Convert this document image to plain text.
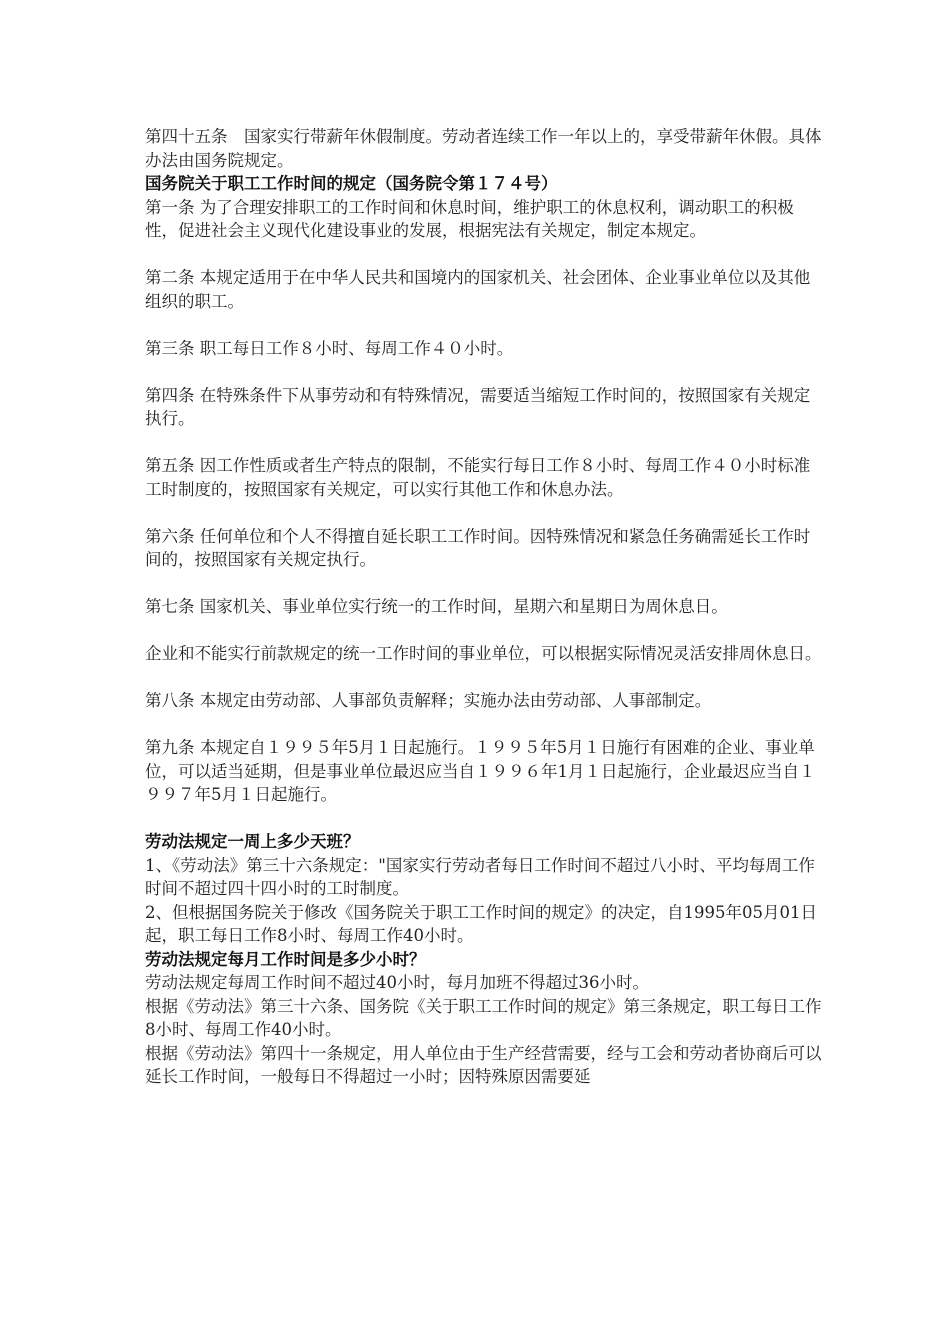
第四十五条　国家实行带薪年休假制度。劳动者连续工作一年以上的，享受带薪年休假。具体办法由国务院规定。

国务院关于职工工作时间的规定（国务院令第１７４号）

第一条 为了合理安排职工的工作时间和休息时间，维护职工的休息权利，调动职工的积极性，促进社会主义现代化建设事业的发展，根据宪法有关规定，制定本规定。

第二条 本规定适用于在中华人民共和国境内的国家机关、社会团体、企业事业单位以及其他组织的职工。

第三条 职工每日工作８小时、每周工作４０小时。

第四条 在特殊条件下从事劳动和有特殊情况，需要适当缩短工作时间的，按照国家有关规定执行。

第五条 因工作性质或者生产特点的限制，不能实行每日工作８小时、每周工作４０小时标准工时制度的，按照国家有关规定，可以实行其他工作和休息办法。

第六条 任何单位和个人不得擅自延长职工工作时间。因特殊情况和紧急任务确需延长工作时间的，按照国家有关规定执行。

第七条 国家机关、事业单位实行统一的工作时间，星期六和星期日为周休息日。

企业和不能实行前款规定的统一工作时间的事业单位，可以根据实际情况灵活安排周休息日。

第八条 本规定由劳动部、人事部负责解释；实施办法由劳动部、人事部制定。

第九条 本规定自１９９５年5月１日起施行。１９９５年5月１日施行有困难的企业、事业单位，可以适当延期，但是事业单位最迟应当自１９９６年1月１日起施行，企业最迟应当自１９９７年5月１日起施行。

劳动法规定一周上多少天班？

1、《劳动法》第三十六条规定："国家实行劳动者每日工作时间不超过八小时、平均每周工作时间不超过四十四小时的工时制度。

2、但根据国务院关于修改《国务院关于职工工作时间的规定》的决定，自1995年05月01日起，职工每日工作8小时、每周工作40小时。

劳动法规定每月工作时间是多少小时？

劳动法规定每周工作时间不超过40小时，每月加班不得超过36小时。

根据《劳动法》第三十六条、国务院《关于职工工作时间的规定》第三条规定，职工每日工作8小时、每周工作40小时。

根据《劳动法》第四十一条规定，用人单位由于生产经营需要，经与工会和劳动者协商后可以延长工作时间，一般每日不得超过一小时；因特殊原因需要延
